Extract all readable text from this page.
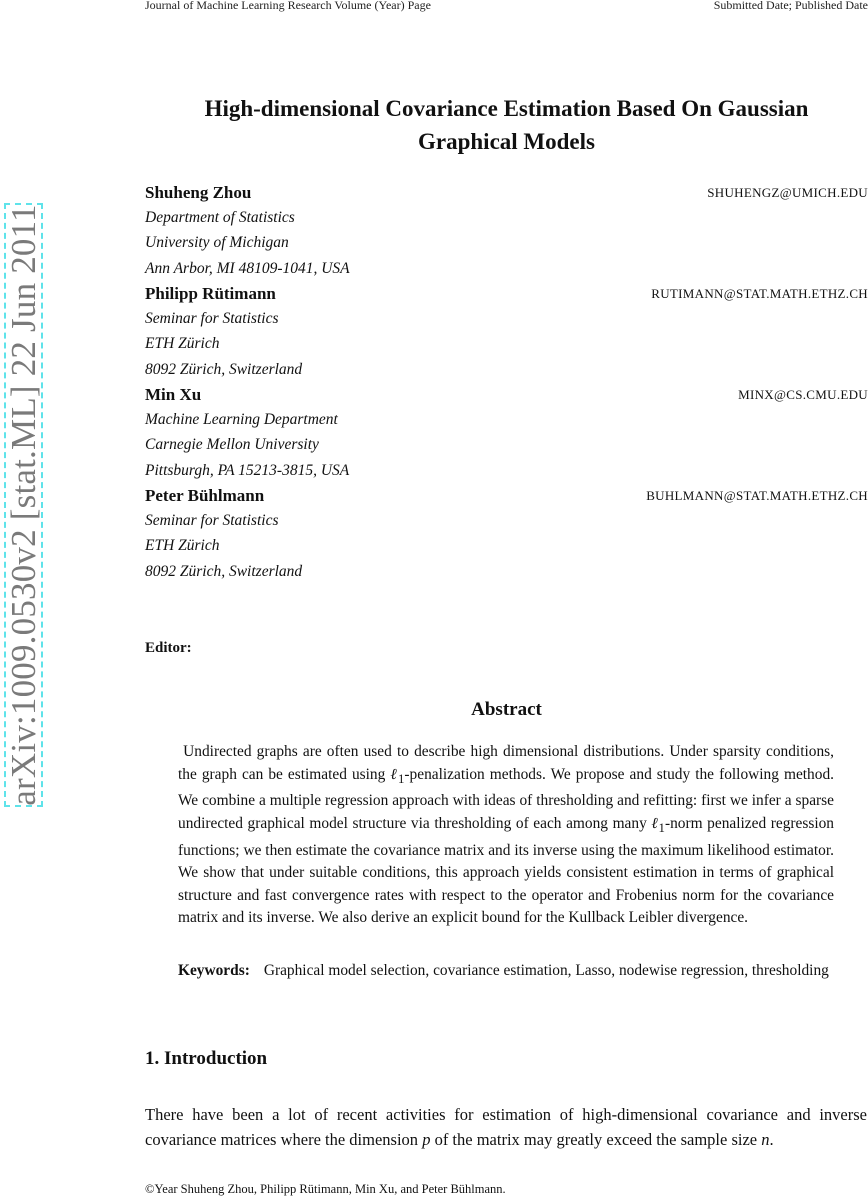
Journal of Machine Learning Research Volume (Year) Page	Submitted Date; Published Date
High-dimensional Covariance Estimation Based On Gaussian
Graphical Models
Shuheng Zhou	SHUHENGZ@UMICH.EDU
Department of Statistics
University of Michigan
Ann Arbor, MI 48109-1041, USA
Philipp Rütimann	RUTIMANN@STAT.MATH.ETHZ.CH
Seminar for Statistics
ETH Zürich
8092 Zürich, Switzerland
Min Xu	MINX@CS.CMU.EDU
Machine Learning Department
Carnegie Mellon University
Pittsburgh, PA 15213-3815, USA
Peter Bühlmann	BUHLMANN@STAT.MATH.ETHZ.CH
Seminar for Statistics
ETH Zürich
8092 Zürich, Switzerland
Editor:
Abstract
Undirected graphs are often used to describe high dimensional distributions. Under sparsity conditions, the graph can be estimated using ℓ$_1$-penalization methods. We propose and study the following method. We combine a multiple regression approach with ideas of thresholding and refitting: first we infer a sparse undirected graphical model structure via thresholding of each among many ℓ$_1$-norm penalized regression functions; we then estimate the covariance matrix and its inverse using the maximum likelihood estimator. We show that under suitable conditions, this approach yields consistent estimation in terms of graphical structure and fast convergence rates with respect to the operator and Frobenius norm for the covariance matrix and its inverse. We also derive an explicit bound for the Kullback Leibler divergence.
Keywords: Graphical model selection, covariance estimation, Lasso, nodewise regression, thresholding
1. Introduction
There have been a lot of recent activities for estimation of high-dimensional covariance and inverse covariance matrices where the dimension p of the matrix may greatly exceed the sample size n.
©Year Shuheng Zhou, Philipp Rütimann, Min Xu, and Peter Bühlmann.
arXiv:1009.0530v2 [stat.ML] 22 Jun 2011
